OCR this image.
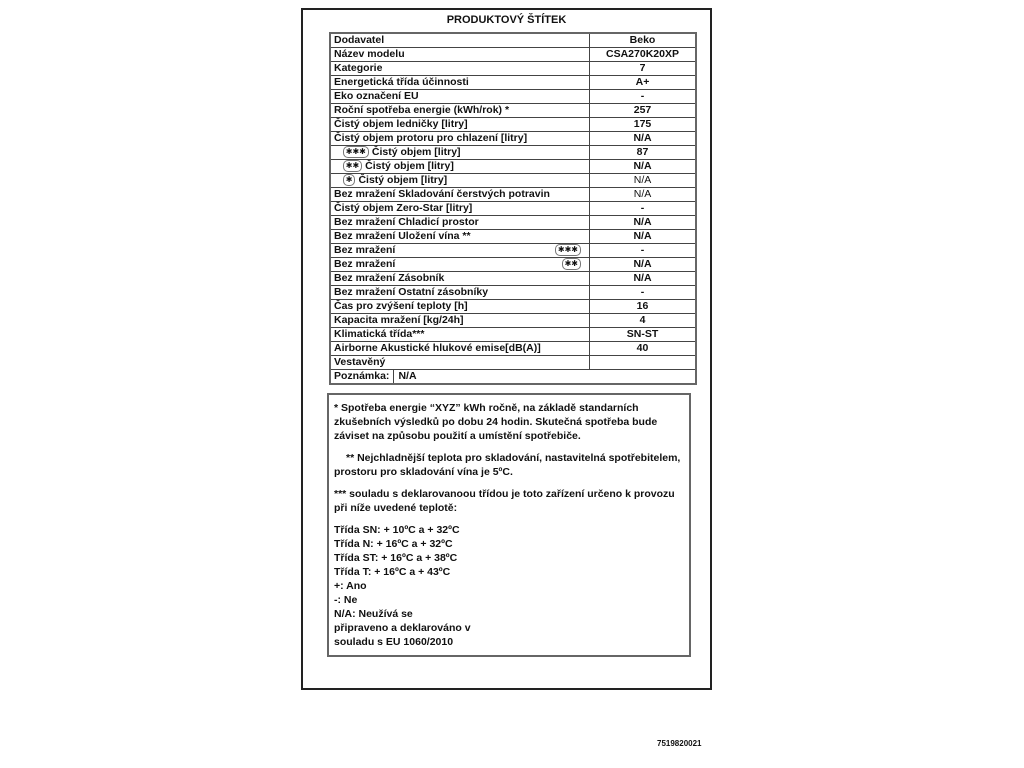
PRODUKTOVÝ ŠTÍTEK
Dodavatel	Beko
Název modelu	CSA270K20XP
Kategorie	7
Energetická třída účinnosti	A+
Eko označení EU	-
Roční spotřeba energie (kWh/rok) *	257
Čistý objem ledničky [litry]	175
Čistý objem protoru pro chlazení [litry]	N/A
✱✱✱ Čistý objem [litry]	87
✱✱ Čistý objem [litry]	N/A
✱ Čistý objem [litry]	N/A
Bez mražení Skladování čerstvých potravin	N/A
Čistý objem Zero-Star [litry]	-
Bez mražení Chladicí prostor	N/A
Bez mražení Uložení vína **	N/A
Bez mražení ✱✱✱	-
Bez mražení ✱✱	N/A
Bez mražení Zásobník	N/A
Bez mražení Ostatní zásobníky	-
Čas pro zvýšení teploty [h]	16
Kapacita mražení [kg/24h]	4
Klimatická třída***	SN-ST
Airborne Akustické hlukové emise[dB(A)]	40
Vestavěný	

Poznámka: N/A	

* Spotřeba energie “XYZ” kWh ročně, na základě standarních zkušebních výsledků po dobu 24 hodin. Skutečná spotřeba bude záviset na způsobu použití a umístění spotřebiče.

** Nejchladnější teplota pro skladování, nastavitelná spotřebitelem, prostoru pro skladování vína je 5ºC.

*** souladu s deklarovanoou třídou je toto zařízení určeno k provozu při níže uvedené teplotě:

Třída SN: + 10ºC a + 32ºC
Třída N: + 16ºC a + 32ºC
Třída ST: + 16ºC a + 38ºC
Třída T: + 16ºC a + 43ºC
+: Ano
-: Ne
N/A: Neužívá se
připraveno a deklarováno v
souladu s EU 1060/2010
7519820021
